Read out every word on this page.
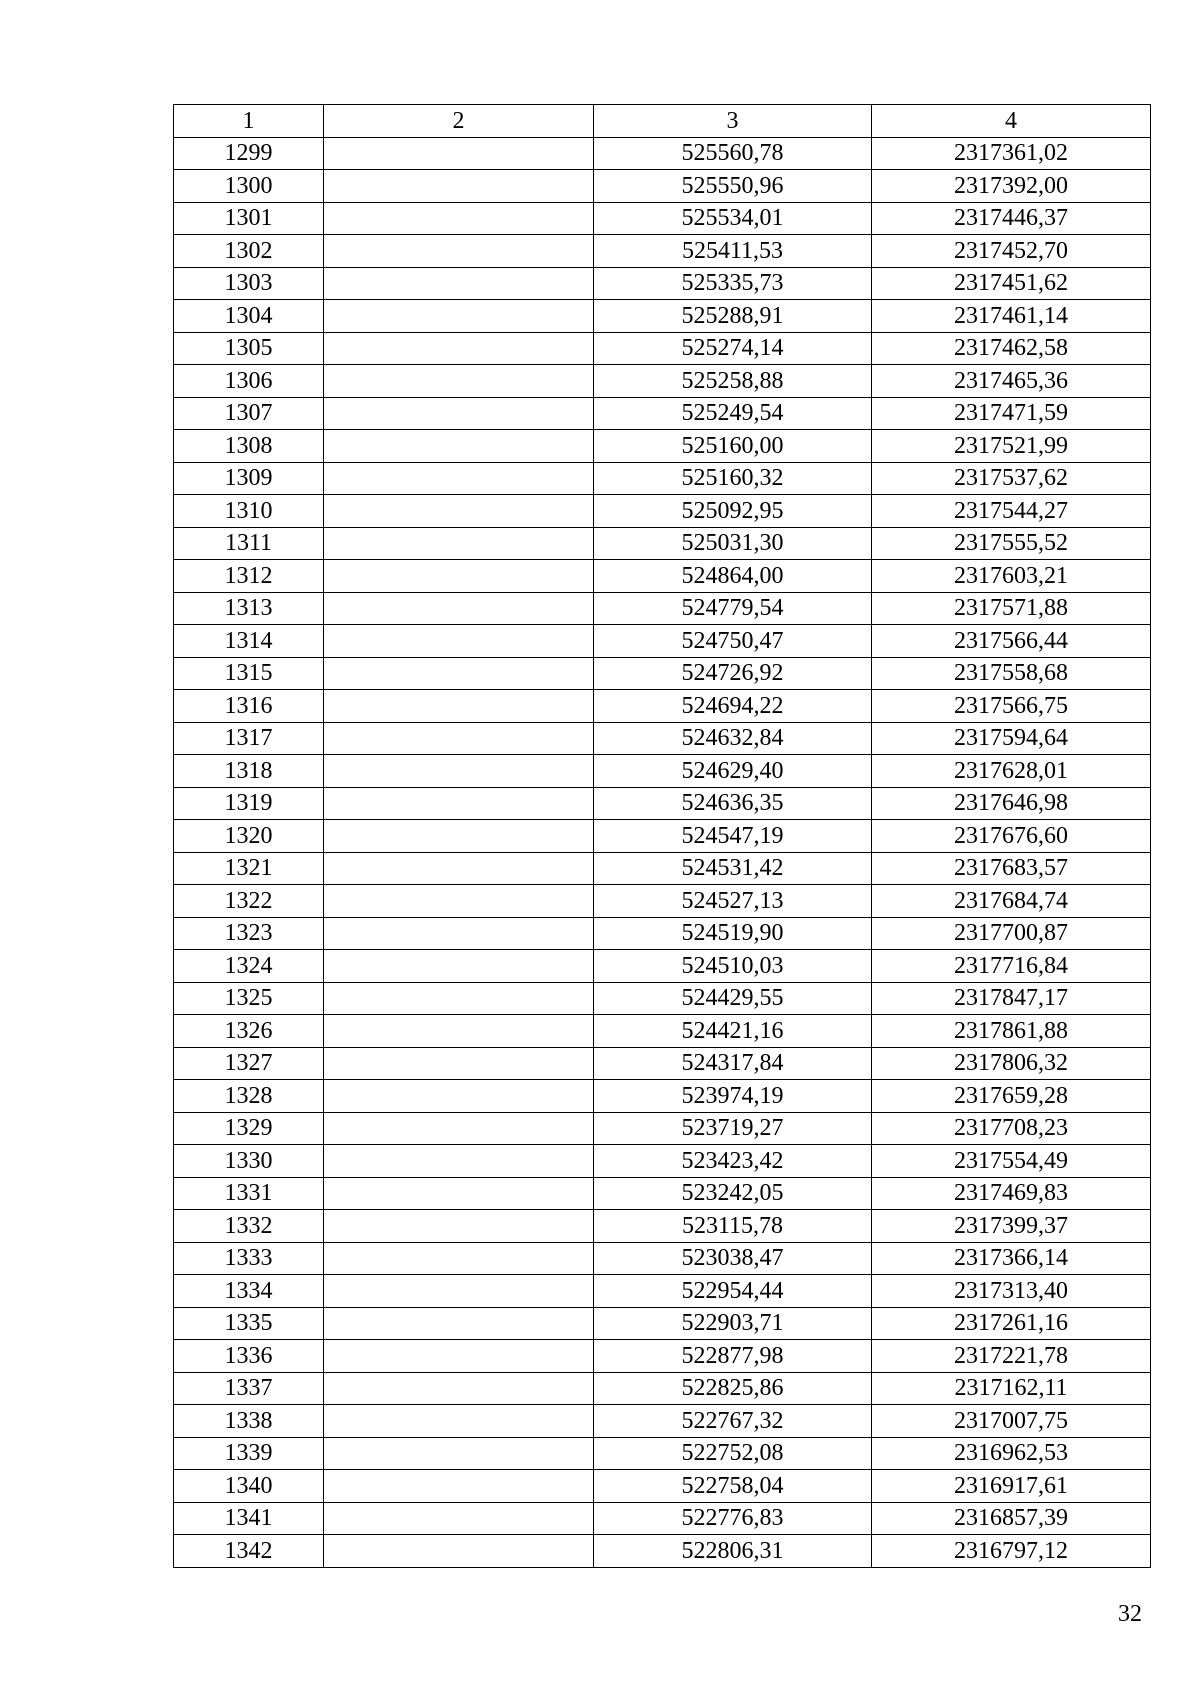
1	2	3	4
1299		525560,78	2317361,02
1300		525550,96	2317392,00
1301		525534,01	2317446,37
1302		525411,53	2317452,70
1303		525335,73	2317451,62
1304		525288,91	2317461,14
1305		525274,14	2317462,58
1306		525258,88	2317465,36
1307		525249,54	2317471,59
1308		525160,00	2317521,99
1309		525160,32	2317537,62
1310		525092,95	2317544,27
1311		525031,30	2317555,52
1312		524864,00	2317603,21
1313		524779,54	2317571,88
1314		524750,47	2317566,44
1315		524726,92	2317558,68
1316		524694,22	2317566,75
1317		524632,84	2317594,64
1318		524629,40	2317628,01
1319		524636,35	2317646,98
1320		524547,19	2317676,60
1321		524531,42	2317683,57
1322		524527,13	2317684,74
1323		524519,90	2317700,87
1324		524510,03	2317716,84
1325		524429,55	2317847,17
1326		524421,16	2317861,88
1327		524317,84	2317806,32
1328		523974,19	2317659,28
1329		523719,27	2317708,23
1330		523423,42	2317554,49
1331		523242,05	2317469,83
1332		523115,78	2317399,37
1333		523038,47	2317366,14
1334		522954,44	2317313,40
1335		522903,71	2317261,16
1336		522877,98	2317221,78
1337		522825,86	2317162,11
1338		522767,32	2317007,75
1339		522752,08	2316962,53
1340		522758,04	2316917,61
1341		522776,83	2316857,39
1342		522806,31	2316797,12
32
